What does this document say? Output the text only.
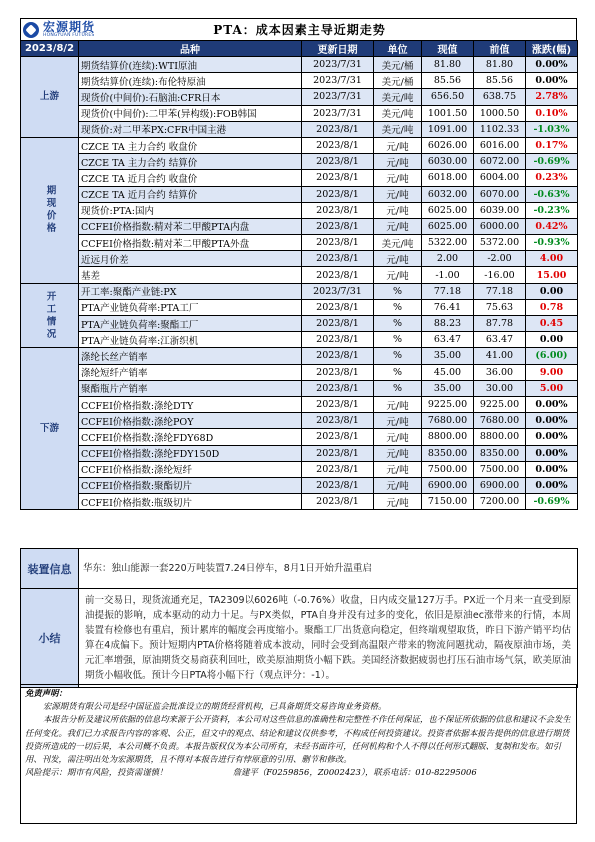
宏源期货
HONGYUAN FUTURES	PTA：成本因素主导近期走势
2023/8/2	品种	更新日期	单位	现值	前值	涨跌(幅)
上游	期货结算价(连续):WTI原油	2023/7/31	美元/桶	81.80	81.80	0.00%
	期货结算价(连续):布伦特原油	2023/7/31	美元/桶	85.56	85.56	0.00%
	现货价(中间价):石脑油:CFR日本	2023/7/31	美元/吨	656.50	638.75	2.78%
	现货价(中间价):二甲苯(异构级):FOB韩国	2023/7/31	美元/吨	1001.50	1000.50	0.10%
	现货价:对二甲苯PX:CFR中国主港	2023/8/1	美元/吨	1091.00	1102.33	-1.03%
期现价格	CZCE TA 主力合约 收盘价	2023/8/1	元/吨	6026.00	6016.00	0.17%
	CZCE TA 主力合约 结算价	2023/8/1	元/吨	6030.00	6072.00	-0.69%
	CZCE TA 近月合约 收盘价	2023/8/1	元/吨	6018.00	6004.00	0.23%
	CZCE TA 近月合约 结算价	2023/8/1	元/吨	6032.00	6070.00	-0.63%
	现货价:PTA:国内	2023/8/1	元/吨	6025.00	6039.00	-0.23%
	CCFEI价格指数:精对苯二甲酸PTA内盘	2023/8/1	元/吨	6025.00	6000.00	0.42%
	CCFEI价格指数:精对苯二甲酸PTA外盘	2023/8/1	美元/吨	5322.00	5372.00	-0.93%
	近远月价差	2023/8/1	元/吨	2.00	-2.00	4.00
	基差	2023/8/1	元/吨	-1.00	-16.00	15.00
开工情况	开工率:聚酯产业链:PX	2023/7/31	%	77.18	77.18	0.00
	PTA产业链负荷率:PTA工厂	2023/8/1	%	76.41	75.63	0.78
	PTA产业链负荷率:聚酯工厂	2023/8/1	%	88.23	87.78	0.45
	PTA产业链负荷率:江浙织机	2023/8/1	%	63.47	63.47	0.00
下游	涤纶长丝产销率	2023/8/1	%	35.00	41.00	(6.00)
	涤纶短纤产销率	2023/8/1	%	45.00	36.00	9.00
	聚酯瓶片产销率	2023/8/1	%	35.00	30.00	5.00
	CCFEI价格指数:涤纶DTY	2023/8/1	元/吨	9225.00	9225.00	0.00%
	CCFEI价格指数:涤纶POY	2023/8/1	元/吨	7680.00	7680.00	0.00%
	CCFEI价格指数:涤纶FDY68D	2023/8/1	元/吨	8800.00	8800.00	0.00%
	CCFEI价格指数:涤纶FDY150D	2023/8/1	元/吨	8350.00	8350.00	0.00%
	CCFEI价格指数:涤纶短纤	2023/8/1	元/吨	7500.00	7500.00	0.00%
	CCFEI价格指数:聚酯切片	2023/8/1	元/吨	6900.00	6900.00	0.00%
	CCFEI价格指数:瓶级切片	2023/8/1	元/吨	7150.00	7200.00	-0.69%
装置信息	华东：独山能源一套220万吨装置7.24日停车，8月1日开始升温重启
小结	前一交易日，现货流通充足，TA2309以6026吨（-0.76%）收盘，日内成交量127万手。PX近一个月来一直受到原油提振的影响，成本驱动的动力十足。与PX类似，PTA自身并没有过多的变化，依旧是原油ec涨带来的行情，本周装置有检修也有重启，预计累库的幅度会再度缩小。聚酯工厂出货意向稳定，但终端观望取货，昨日下游产销平均估算在4成偏下。预计短期内PTA价格将随着成本波动，同时会受到高温限产带来的物流问题扰动，隔夜原油市场，美元汇率增强，原油期货交易商获利回吐，欧美原油期货小幅下跌。美国经济数据疲弱也打压石油市场气氛，欧美原油期货小幅收低。预计今日PTA将小幅下行（观点评分：-1）。
免责声明：

宏源期货有限公司是经中国证监会批准设立的期货经营机构，已具备期货交易咨询业务资格。

本报告分析及建议所依据的信息均来源于公开资料，本公司对这些信息的准确性和完整性不作任何保证，也不保证所依据的信息和建议不会发生任何变化。我们已力求报告内容的客观、公正，但文中的观点、结论和建议仅供参考，不构成任何投资建议。投资者依据本报告提供的信息进行期货投资所造成的一切后果，本公司概不负责。本报告版权仅为本公司所有，未经书面许可，任何机构和个人不得以任何形式翻版、复制和发布。如引用、刊发，需注明出处为宏源期货，且不得对本报告进行有悖原意的引用、删节和修改。

风险提示：期市有风险，投资需谨慎！	詹建平（F0259856，Z0002423），联系电话：010-82295006
